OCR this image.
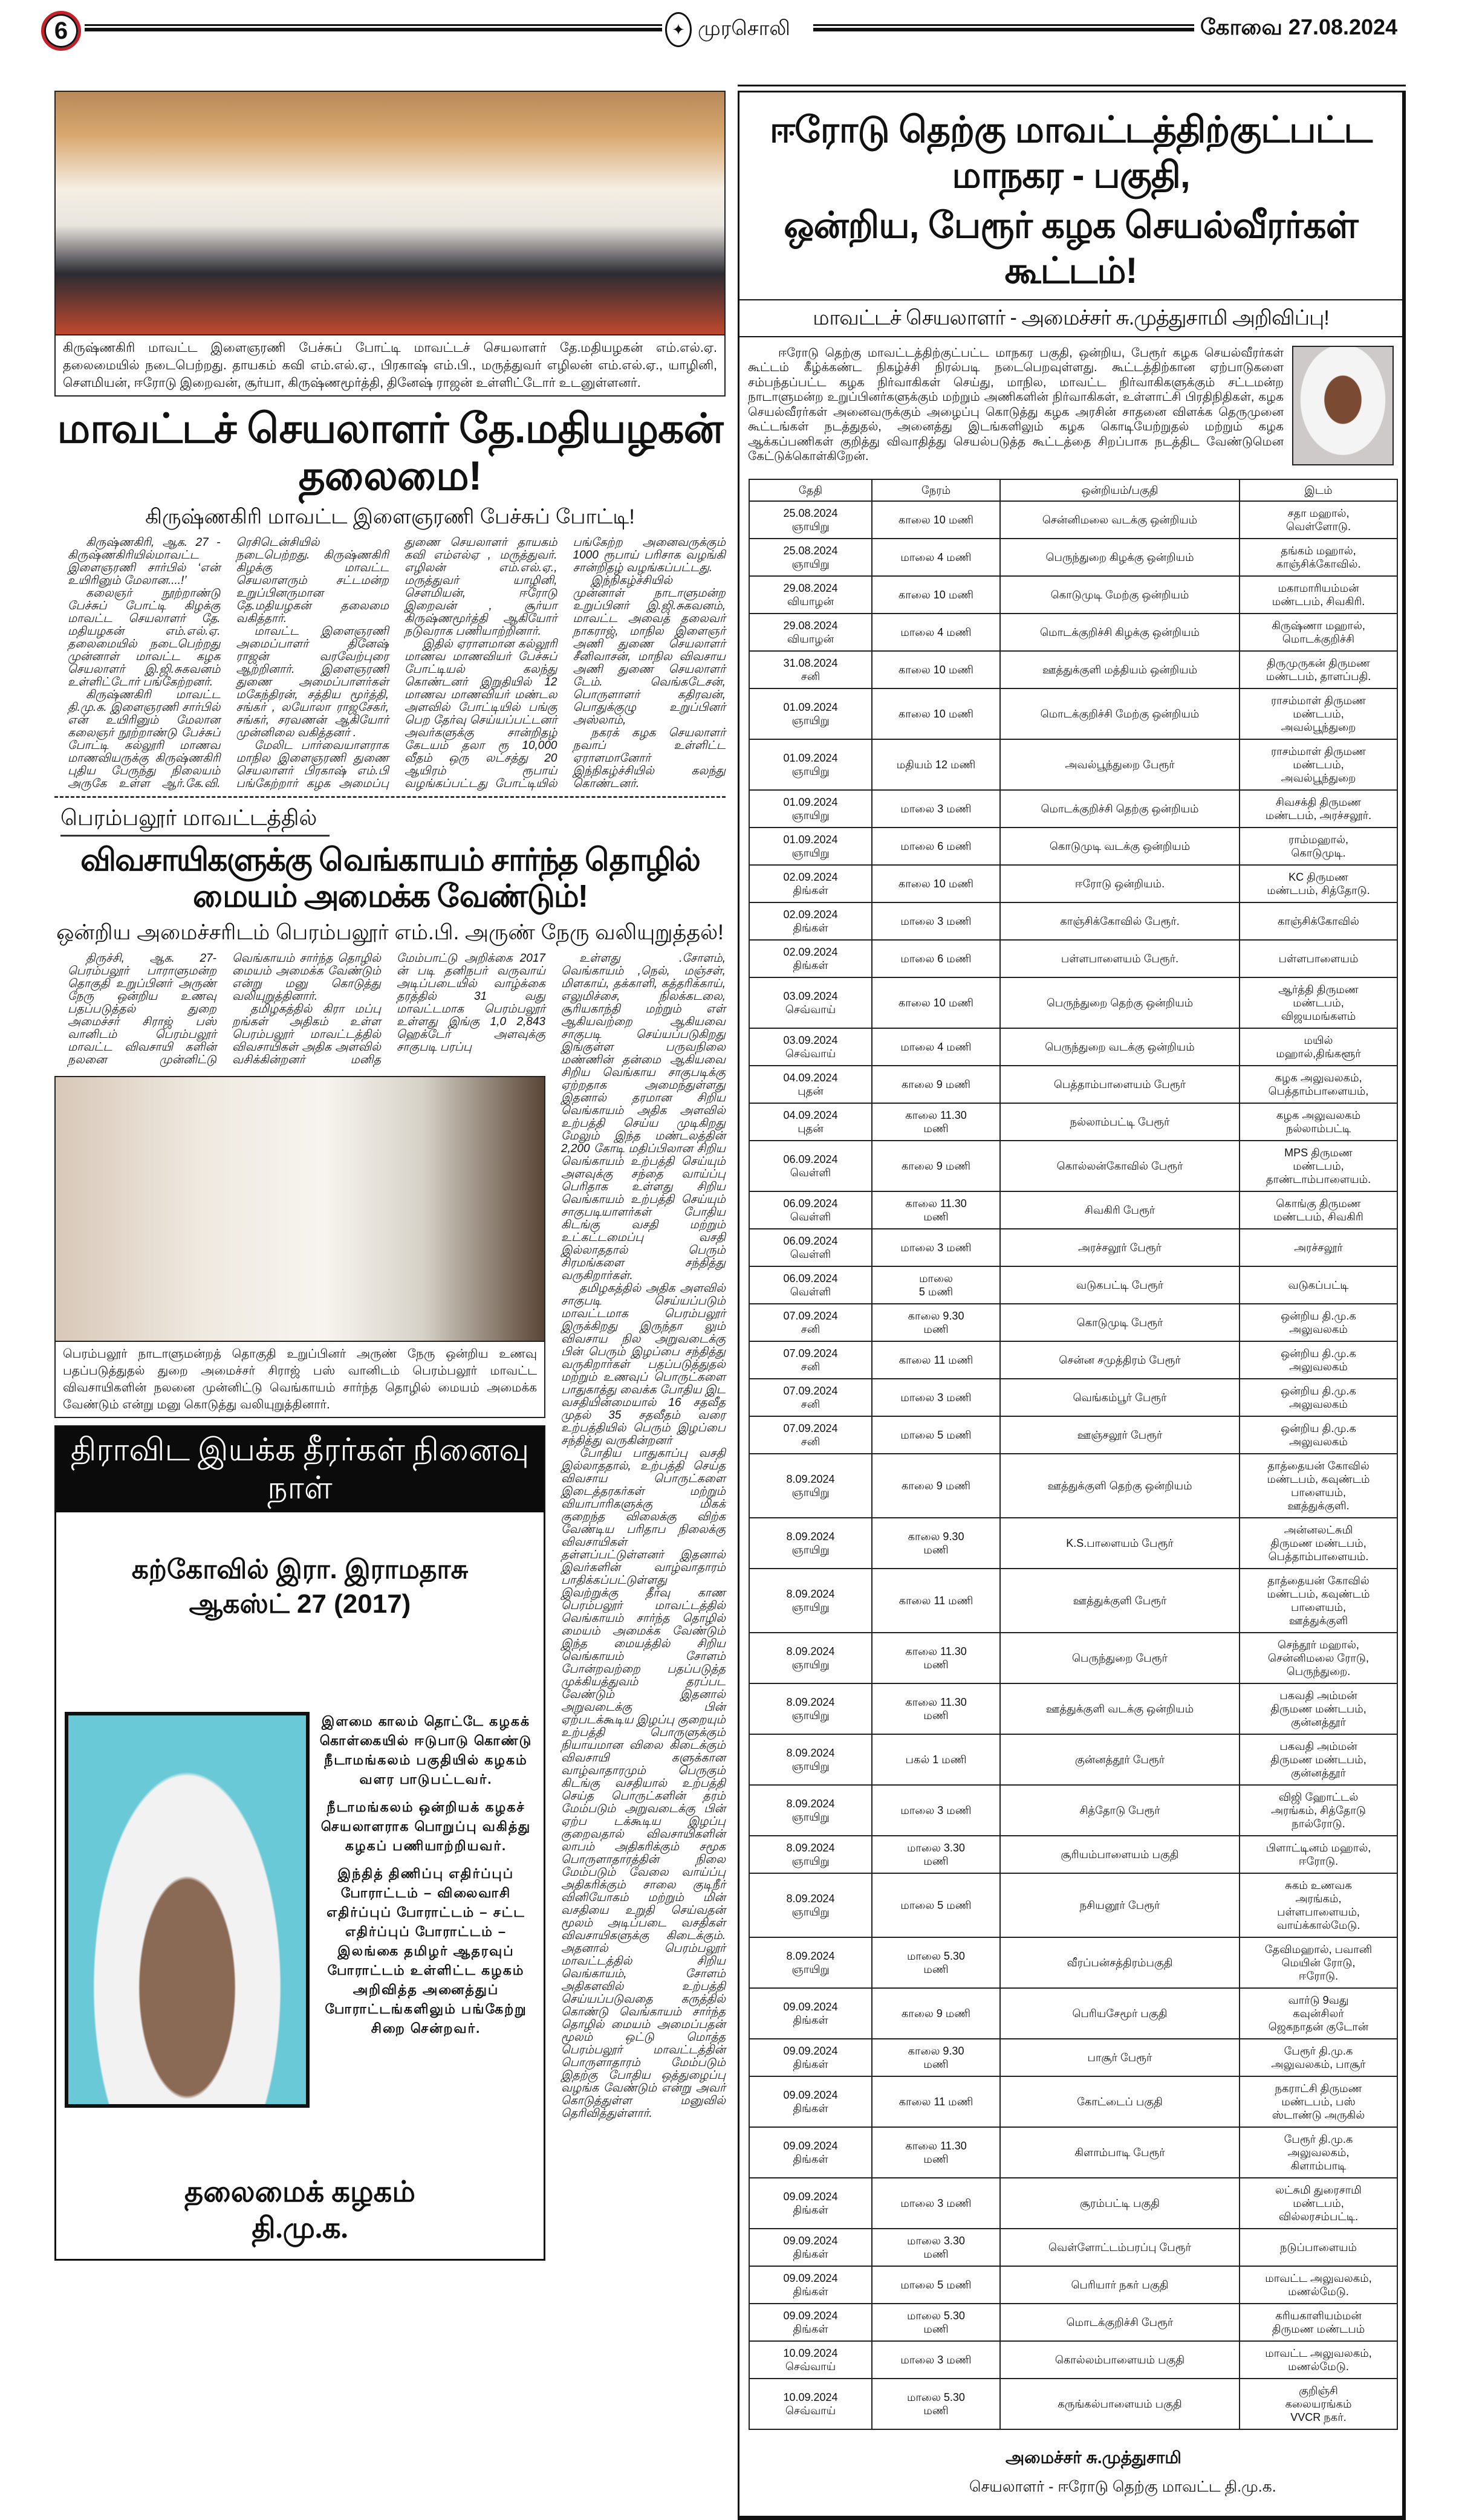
6	✦ முரசொலி	கோவை 27.08.2024
கிருஷ்ணகிரி மாவட்ட இளைஞரணி பேச்சுப் போட்டி மாவட்டச் செயலாளர் தே.மதியழகன் எம்.எல்.ஏ. தலைமையில் நடைபெற்றது. தாயகம் கவி எம்.எல்.ஏ., பிரகாஷ் எம்.பி., மருத்துவர் எழிலன் எம்.எல்.ஏ., யாழினி, சௌமியன், ஈரோடு இறைவன், சூர்யா, கிருஷ்ணமூர்த்தி, தினேஷ் ராஜன் உள்ளிட்டோர் உடனுள்ளனர்.
மாவட்டச் செயலாளர் தே.மதியழகன் தலைமை!
கிருஷ்ணகிரி மாவட்ட இளைஞரணி பேச்சுப் போட்டி!

கிருஷ்ணகிரி, ஆக. 27 - கிருஷ்ணகிரியில்மாவட்ட இளைஞரணி சார்பில் ‘என் உயிரினும் மேலான....!’

கலைஞர் நூற்றாண்டு பேச்சுப் போட்டி கிழக்கு மாவட்ட செயலாளர் தே. மதியழகன் எம்.எல்.ஏ. தலைமையில் நடைபெற்றது முன்னாள் மாவட்ட கழக செயலாளர் இ.ஜி.சுகவனம் உள்ளிட்டோர் பங்கேற்றனர்.

கிருஷ்ணகிரி மாவட்ட தி.மு.க. இளைஞரணி சார்பில் என் உயிரினும் மேலான கலைஞர் நூற்றாண்டு பேச்சுப் போட்டி கல்லூரி மாணவ மாணவியருக்கு கிருஷ்ணகிரி புதிய பேருந்து நிலையம் அருகே உள்ள ஆர்.கே.வி. ரெசிடென்சியில் நடைபெற்றது. கிருஷ்ணகிரி கிழக்கு மாவட்ட செயலாளரும் சட்டமன்ற உறுப்பினருமான தே.மதியழகன் தலைமை வகித்தார்.

மாவட்ட இளைஞரணி அமைப்பாளர் தினேஷ் ராஜன் வரவேற்புரை ஆற்றினார். இளைஞரணி துணை அமைப்பாளர்கள் மகேந்திரன், சத்திய மூர்த்தி, சங்கர் , லயோலா ராஜசேகர், சங்கர், சரவணன் ஆகியோர் முன்னிலை வகித்தனர் .

மேலிட பார்வையாளராக மாநில இளைஞரணி துணை செயலாளர் பிரகாஷ் எம்.பி பங்கேற்றார் கழக அமைப்பு துணை செயலாளர் தாயகம் கவி எம்எல்ஏ , மருத்துவர். எழிலன் எம்.எல்.ஏ., மருத்துவர் யாழினி, சௌமியன், ஈரோடு இறைவன் , சூர்யா கிருஷ்ணமூர்த்தி ஆகியோர் நடுவராக பணியாற்றினார்.

இதில் ஏராளமான கல்லூரி மாணவ மாணவியர் பேச்சுப் போட்டியல் கலந்து கொண்டனர் இறுதியில் 12 மாணவ மாணவியர் மண்டல அளவில் போட்டியில் பங்கு பெற தேர்வு செய்யப்பட்டனர் அவர்களுக்கு சான்றிதழ் கேடயம் தலா ரூ 10,000 வீதம் ஒரு லட்சத்து 20 ஆயிரம் ரூபாய் வழங்கப்பட்டது போட்டியில் பங்கேற்ற அனைவருக்கும் 1000 ரூபாய் பரிசாக வழங்கி சான்றிதழ் வழங்கப்பட்டது.

இந்நிகழ்ச்சியில் முன்னாள் நாடாளுமன்ற உறுப்பினர் இ.ஜி.சுகவனம், மாவட்ட அவைத் தலைவர் நாகராஜ், மாநில இளைஞர் அணி துணை செயலாளர் சீனிவாசன், மாநில விவசாய அணி துணை செயலாளர் டேம். வெங்கடேசன், பொருளாளர் கதிரவன், பொதுக்குழு உறுப்பினர் அஸ்லாம்,

நகரக் கழக செயலாளர் நவாப் உள்ளிட்ட ஏராளமானோர் இந்நிகழ்ச்சியில் கலந்து கொண்டனர்.

பெரம்பலூர் மாவட்டத்தில்
விவசாயிகளுக்கு வெங்காயம் சார்ந்த தொழில் மையம் அமைக்க வேண்டும்!
ஒன்றிய அமைச்சரிடம் பெரம்பலூர் எம்.பி. அருண் நேரு வலியுறுத்தல்!

திருச்சி, ஆக. 27- பெரம்பலூர் பாராளுமன்ற தொகுதி உறுப்பினர் அருண் நேரு ஒன்றிய உணவு பதப்படுத்தல் துறை அமைச்சர் சிராஜ் பஸ் வானிடம் பெரம்பலூர் மாவட்ட விவசாயி களின் நலனை முன்னிட்டு வெங்காயம் சார்ந்த தொழில் மையம் அமைக்க வேண்டும் என்று மனு கொடுத்து வலியுறுத்தினார்.

தமிழகத்தில் கிரா மப்பு றங்கள் அதிகம் உள்ள பெரம்பலூர் மாவட்டத்தில் விவசாயிகள் அதிக அளவில் வசிக்கின்றனர் மனித மேம்பாட்டு அறிக்கை 2017 ன் படி தனிநபர் வருவாய் அடிப்படையில் வாழ்க்கை தரத்தில் 31 வது மாவட்டமாக பெரம்பலூர் உள்ளது இங்கு 1,0 2,843 ஹெக்டேர் அளவுக்கு சாகுபடி பரப்பு

பெரம்பலூர் நாடாளுமன்றத் தொகுதி உறுப்பினர் அருண் நேரு ஒன்றிய உணவு பதப்படுத்துதல் துறை அமைச்சர் சிராஜ் பஸ் வானிடம் பெரம்பலூர் மாவட்ட விவசாயிகளின் நலனை முன்னிட்டு வெங்காயம் சார்ந்த தொழில் மையம் அமைக்க வேண்டும் என்று மனு கொடுத்து வலியுறுத்தினார்.
திராவிட இயக்க தீரர்கள் நினைவு நாள்
கற்கோவில் இரா. இராமதாசு
ஆகஸ்ட் 27 (2017)

இளமை காலம் தொட்டே கழகக் கொள்கையில் ஈடுபாடு கொண்டு நீடாமங்கலம் பகுதியில் கழகம் வளர பாடுபட்டவர்.

நீடாமங்கலம் ஒன்றியக் கழகச் செயலாளராக பொறுப்பு வகித்து கழகப் பணியாற்றியவர்.

இந்தித் திணிப்பு எதிர்ப்புப் போராட்டம் – விலைவாசி எதிர்ப்புப் போராட்டம் – சட்ட எதிர்ப்புப் போராட்டம் – இலங்கை தமிழர் ஆதரவுப் போராட்டம் உள்ளிட்ட கழகம் அறிவித்த அனைத்துப் போராட்டங்களிலும் பங்கேற்று சிறை சென்றவர்.

தலைமைக் கழகம்
தி.மு.க.

உள்ளது .சோளம், வெங்காயம் ,நெல், மஞ்சள், மிளகாய், தக்காளி, கத்தரிக்காய், எலுமிச்சை, நிலக்கடலை, சூரியகாந்தி மற்றும் எள் ஆகியவற்றை ஆகியவை சாகுபடி செய்யப்படுகிறது இங்குள்ள பருவநிலை மண்ணின் தன்மை ஆகியவை சிறிய வெங்காய சாகுபடிக்கு ஏற்றதாக அமைந்துள்ளது இதனால் தரமான சிறிய வெங்காயம் அதிக அளவில் உற்பத்தி செய்ய முடிகிறது மேலும் இந்த மண்டலத்தின் 2,200 கோடி மதிப்பிலான சிறிய வெங்காயம் உற்பத்தி செய்யும் அளவுக்கு சந்தை வாய்ப்பு பெரிதாக உள்ளது சிறிய வெங்காயம் உற்பத்தி செய்யும் சாகுபடியாளர்கள் போதிய கிடங்கு வசதி மற்றும் உட்கட்டமைப்பு வசதி இல்லாததால் பெரும் சிரமங்களை சந்தித்து வருகிறார்கள்.

தமிழகத்தில் அதிக அளவில் சாகுபடி செய்யப்படும் மாவட்டமாக பெரம்பலூர் இருக்கிறது இருந்தா லும் விவசாய நில அறுவடைக்கு பின் பெரும் இழப்பை சந்தித்து வருகிறார்கள் பதப்படுத்துதல் மற்றும் உணவுப் பொருட்களை பாதுகாத்து வைக்க போதிய இட வசதியின்மையால் 16 சதவீத முதல் 35 சதவீதம் வரை உற்பத்தியில் பெரும் இழப்பை சந்தித்து வருகின்றனர்

போதிய பாதுகாப்பு வசதி இல்லாததால், உற்பத்தி செய்த விவசாய பொருட்களை இடைத்தரகர்கள் மற்றும் வியாபாரிகளுக்கு மிகக் குறைந்த விலைக்கு விற்க வேண்டிய பரிதாப நிலைக்கு விவசாயிகள் தள்ளப்பட்டுள்ளனர் இதனால் இவர்களின் வாழ்வாதாரம் பாதிக்கப்பட்டுள்ளது இவற்றுக்கு தீர்வு காண பெரம்பலூர் மாவட்டத்தில் வெங்காயம் சார்ந்த தொழில் மையம் அமைக்க வேண்டும் இந்த மையத்தில் சிறிய வெங்காயம் சோளம் போன்றவற்றை பதப்படுத்த முக்கியத்துவம் தரப்பட வேண்டும் இதனால் அறுவடைக்கு பின் ஏற்படக்கூடிய இழப்பு குறையும் உற்பத்தி பொருளுக்கும் நியாயமான விலை கிடைக்கும் விவசாயி களுக்கான வாழ்வாதாரமும் பெருகும் கிடங்கு வசதியால் உற்பத்தி செய்த பொருட்களின் தரம் மேம்படும் அறுவடைக்கு பின் ஏற்ப டக்கூடிய இழப்பு குறைவதால் விவசாயிகளின் லாபம் அதிகரிக்கும் சமூக பொருளாதாரத்தின் நிலை மேம்படும் வேலை வாய்ப்பு அதிகரிக்கும் சாலை குடிநீர் வினியோகம் மற்றும் மின் வசதியை உறுதி செய்வதன் மூலம் அடிப்படை வசதிகள் விவசாயிகளுக்கு கிடைக்கும். அதனால் பெரம்பலூர் மாவட்டத்தில் சிறிய வெங்காயம், சோளம் அதிகளவில் உற்பத்தி செய்யப்படுவதை கருத்தில் கொண்டு வெங்காயம் சார்ந்த தொழில் மையம் அமைப்பதன் மூலம் ஒட்டு மொத்த பெரம்பலூர் மாவட்டத்தின் பொருளாதாரம் மேம்படும் இதற்கு போதிய ஒத்துழைப்பு வழங்க வேண்டும் என்று அவர் கொடுத்துள்ள மனுவில் தெரிவித்துள்ளார்.

ஈரோடு தெற்கு மாவட்டத்திற்குட்பட்ட மாநகர - பகுதி,
ஒன்றிய, பேரூர் கழக செயல்வீரர்கள் கூட்டம்!
மாவட்டச் செயலாளர் - அமைச்சர் சு.முத்துசாமி அறிவிப்பு!
ஈரோடு தெற்கு மாவட்டத்திற்குட்பட்ட மாநகர பகுதி, ஒன்றிய, பேரூர் கழக செயல்வீரர்கள் கூட்டம் கீழ்க்கண்ட நிகழ்ச்சி நிரல்படி நடைபெறவுள்ளது. கூட்டத்திற்கான ஏற்பாடுகளை சம்பந்தப்பட்ட கழக நிர்வாகிகள் செய்து, மாநில, மாவட்ட நிர்வாகிகளுக்கும் சட்டமன்ற நாடாளுமன்ற உறுப்பினர்களுக்கும் மற்றும் அணிகளின் நிர்வாகிகள், உள்ளாட்சி பிரதிநிதிகள், கழக செயல்வீரர்கள் அனைவருக்கும் அழைப்பு கொடுத்து கழக அரசின் சாதனை விளக்க தெருமுனை கூட்டங்கள் நடத்துதல், அனைத்து இடங்களிலும் கழக கொடியேற்றுதல் மற்றும் கழக ஆக்கப்பணிகள் குறித்து விவாதித்து செயல்படுத்த கூட்டத்தை சிறப்பாக நடத்திட வேண்டுமென கேட்டுக்கொள்கிறேன்.
தேதி	நேரம்	ஒன்றியம்/பகுதி	இடம்

25.08.2024
ஞாயிறு	காலை 10 மணி	சென்னிமலை வடக்கு ஒன்றியம்	சதா மஹால்,
வெள்ளோடு.

25.08.2024
ஞாயிறு	மாலை 4 மணி	பெருந்துறை கிழக்கு ஒன்றியம்	தங்கம் மஹால்,
காஞ்சிக்கோவில்.

29.08.2024
வியாழன்	காலை 10 மணி	கொடுமுடி மேற்கு ஒன்றியம்	மகாமாரியம்மன்
மண்டபம், சிவகிரி.

29.08.2024
வியாழன்	மாலை 4 மணி	மொடக்குறிச்சி கிழக்கு ஒன்றியம்	கிருஷ்ணா மஹால்,
மொடக்குறிச்சி

31.08.2024
சனி	காலை 10 மணி	ஊத்துக்குளி மத்தியம் ஒன்றியம்	திருமுருகன் திருமண
மண்டபம், தாளப்பதி.

01.09.2024
ஞாயிறு	காலை 10 மணி	மொடக்குறிச்சி மேற்கு ஒன்றியம்	ராசம்மாள் திருமண
மண்டபம்,
அவல்பூந்துறை

01.09.2024
ஞாயிறு	மதியம் 12 மணி	அவல்பூந்துறை பேரூர்	ராசம்மாள் திருமண
மண்டபம்,
அவல்பூந்துறை

01.09.2024
ஞாயிறு	மாலை 3 மணி	மொடக்குறிச்சி தெற்கு ஒன்றியம்	சிவசக்தி திருமண
மண்டபம், அரச்சலூர்.

01.09.2024
ஞாயிறு	மாலை 6 மணி	கொடுமுடி வடக்கு ஒன்றியம்	ராம்மஹால்,
கொடுமுடி.

02.09.2024
திங்கள்	காலை 10 மணி	ஈரோடு ஒன்றியம்.	KC திருமண
மண்டபம், சித்தோடு.

02.09.2024
திங்கள்	மாலை 3 மணி	காஞ்சிக்கோவில் பேரூர்.	காஞ்சிக்கோவில்

02.09.2024
திங்கள்	மாலை 6 மணி	பள்ளபாளையம் பேரூர்.	பள்ளபாளையம்

03.09.2024
செவ்வாய்	காலை 10 மணி	பெருந்துறை தெற்கு ஒன்றியம்	ஆர்த்தி திருமண
மண்டபம்,
விஜயமங்களம்

03.09.2024
செவ்வாய்	மாலை 4 மணி	பெருந்துறை வடக்கு ஒன்றியம்	மயில்
மஹால்,திங்களூர்

04.09.2024
புதன்	காலை 9 மணி	பெத்தாம்பாளையம் பேரூர்	கழக அலுவலகம்,
பெத்தாம்பாளையம்,

04.09.2024
புதன்	காலை 11.30
மணி	நல்லாம்பட்டி பேரூர்	கழக அலுவலகம்
நல்லாம்பட்டி

06.09.2024
வெள்ளி	காலை 9 மணி	கொல்லன்கோவில் பேரூர்	MPS திருமண
மண்டபம்,
தாண்டாம்பாளையம்.

06.09.2024
வெள்ளி	காலை 11.30
மணி	சிவகிரி பேரூர்	கொங்கு திருமண
மண்டபம், சிவகிரி

06.09.2024
வெள்ளி	மாலை 3 மணி	அரச்சலூர் பேரூர்	அரச்சலூர்

06.09.2024
வெள்ளி	மாலை
5 மணி	வடுகபட்டி பேரூர்	வடுகப்பட்டி

07.09.2024
சனி	காலை 9.30
மணி	கொடுமுடி பேரூர்	ஒன்றிய தி.மு.க
அலுவலகம்

07.09.2024
சனி	காலை 11 மணி	சென்ன சமுத்திரம் பேரூர்	ஒன்றிய தி.மு.க
அலுவலகம்

07.09.2024
சனி	மாலை 3 மணி	வெங்கம்பூர் பேரூர்	ஒன்றிய தி.மு.க
அலுவலகம்

07.09.2024
சனி	மாலை 5 மணி	ஊஞ்சலூர் பேரூர்	ஒன்றிய தி.மு.க
அலுவலகம்

8.09.2024
ஞாயிறு	காலை 9 மணி	ஊத்துக்குளி தெற்கு ஒன்றியம்	தாத்தையன் கோவில்
மண்டபம், கவுண்டம்
பாளையம்,
ஊத்துக்குளி.

8.09.2024
ஞாயிறு	காலை 9.30
மணி	K.S.பாளையம் பேரூர்	அன்னலட்சுமி
திருமண மண்டபம்,
பெத்தாம்பாளையம்.

8.09.2024
ஞாயிறு	காலை 11 மணி	ஊத்துக்குளி பேரூர்	தாத்தையன் கோவில்
மண்டபம், கவுண்டம்
பாளையம்,
ஊத்துக்குளி

8.09.2024
ஞாயிறு	காலை 11.30
மணி	பெருந்துறை பேரூர்	செந்தூர் மஹால்,
சென்னிமலை ரோடு,
பெருந்துறை.

8.09.2024
ஞாயிறு	காலை 11.30
மணி	ஊத்துக்குளி வடக்கு ஒன்றியம்	பகவதி அம்மன்
திருமண மண்டபம்,
குன்னத்தூர்

8.09.2024
ஞாயிறு	பகல் 1 மணி	குன்னத்தூர் பேரூர்	பகவதி அம்மன்
திருமண மண்டபம்,
குன்னத்தூர்

8.09.2024
ஞாயிறு	மாலை 3 மணி	சித்தோடு பேரூர்	விஜி ஹோட்டல்
அரங்கம், சித்தோடு
நால்ரோடு.

8.09.2024
ஞாயிறு	மாலை 3.30
மணி	சூரியம்பாளையம் பகுதி	பிளாட்டினம் மஹால்,
ஈரோடு.

8.09.2024
ஞாயிறு	மாலை 5 மணி	நசியனூர் பேரூர்	சுகம் உணவக
அரங்கம்,
பள்ளபாளையம்,
வாய்க்கால்மேடு.

8.09.2024
ஞாயிறு	மாலை 5.30
மணி	வீரப்பன்சத்திரம்பகுதி	தேவிமஹால், பவானி
மெயின் ரோடு,
ஈரோடு.

09.09.2024
திங்கள்	காலை 9 மணி	பெரியசேமூர் பகுதி	வார்டு 9வது
கவுன்சிலர்
ஜெகநாதன் குடோன்

09.09.2024
திங்கள்	காலை 9.30
மணி	பாசூர் பேரூர்	பேரூர் தி.மு.க
அலுவலகம், பாசூர்

09.09.2024
திங்கள்	காலை 11 மணி	கோட்டைப் பகுதி	நகராட்சி திருமண
மண்டபம், பஸ்
ஸ்டாண்டு அருகில்

09.09.2024
திங்கள்	காலை 11.30
மணி	கிளாம்பாடி பேரூர்	பேரூர் தி.மு.க
அலுவலகம்,
கிளாம்பாடி

09.09.2024
திங்கள்	மாலை 3 மணி	சூரம்பட்டி பகுதி	லட்சுமி துரைசாமி
மண்டபம்,
வில்லரசம்பட்டி.

09.09.2024
திங்கள்	மாலை 3.30
மணி	வெள்ளோட்டம்பரப்பு பேரூர்	நடுப்பாளையம்

09.09.2024
திங்கள்	மாலை 5 மணி	பெரியார் நகர் பகுதி	மாவட்ட அலுவலகம்,
மணல்மேடு.

09.09.2024
திங்கள்	மாலை 5.30
மணி	மொடக்குறிச்சி பேரூர்	கரியகாளியம்மன்
திருமண மண்டபம்

10.09.2024
செவ்வாய்	மாலை 3 மணி	கொல்லம்பாளையம் பகுதி	மாவட்ட அலுவலகம்,
மணல்மேடு.

10.09.2024
செவ்வாய்	மாலை 5.30
மணி	கருங்கல்பாளையம் பகுதி	குறிஞ்சி
கலையரங்கம்
VVCR நகர்.
அமைச்சர் சு.முத்துசாமி
செயலாளர் - ஈரோடு தெற்கு மாவட்ட தி.மு.க.
